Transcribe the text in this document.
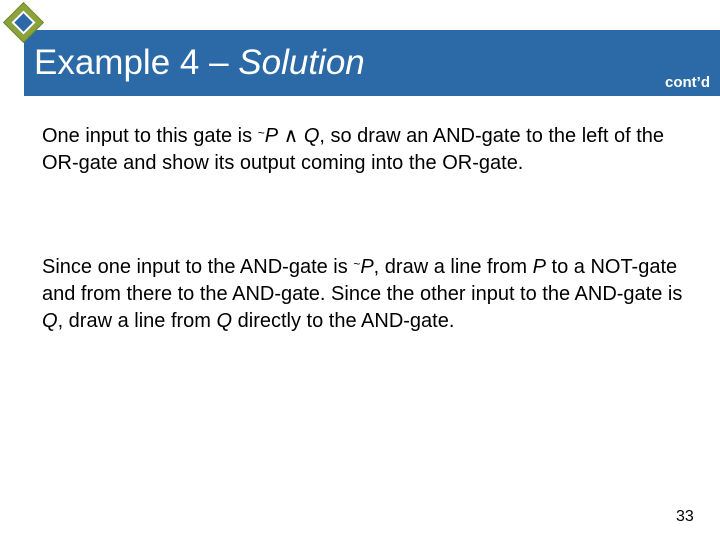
Example 4 – Solution
cont’d
One input to this gate is ~P ∧ Q, so draw an AND-gate to the left of the OR-gate and show its output coming into the OR-gate.
Since one input to the AND-gate is ~P, draw a line from P to a NOT-gate and from there to the AND-gate. Since the other input to the AND-gate is Q, draw a line from Q directly to the AND-gate.
33
